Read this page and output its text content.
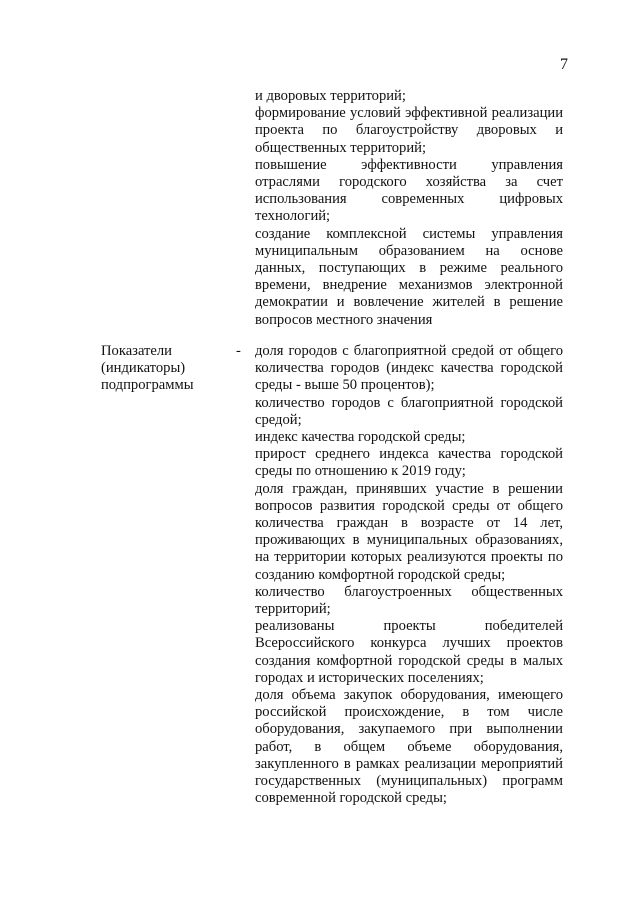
7

и дворовых территорий;

формирование условий эффективной реализации проекта по благоустройству дворовых и общественных территорий;

повышение эффективности управления отраслями городского хозяйства за счет использования современных цифровых технологий;

создание комплексной системы управления муниципальным образованием на основе данных, поступающих в режиме реального времени, внедрение механизмов электронной демократии и вовлечение жителей в решение вопросов местного значения

Показатели
(индикаторы)
подпрограммы
- доля городов с благоприятной средой от общего количества городов (индекс качества городской среды - выше 50 процентов);

количество городов с благоприятной городской средой;

индекс качества городской среды;

прирост среднего индекса качества городской среды по отношению к 2019 году;

доля граждан, принявших участие в решении вопросов развития городской среды от общего количества граждан в возрасте от 14 лет, проживающих в муниципальных образованиях, на территории которых реализуются проекты по созданию комфортной городской среды;

количество благоустроенных общественных территорий;

реализованы проекты победителей Всероссийского конкурса лучших проектов создания комфортной городской среды в малых городах и исторических поселениях;

доля объема закупок оборудования, имеющего российской происхождение, в том числе оборудования, закупаемого при выполнении работ, в общем объеме оборудования, закупленного в рамках реализации мероприятий государственных (муниципальных) программ современной городской среды;
